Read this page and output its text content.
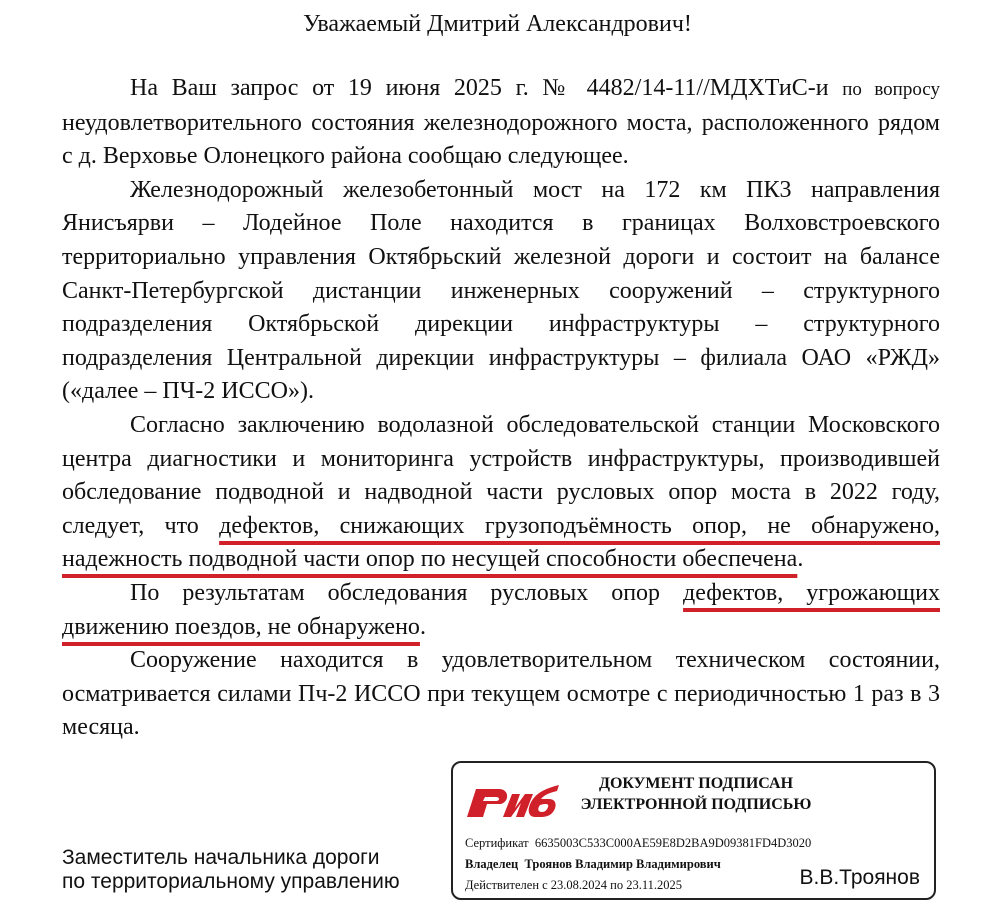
Уважаемый Дмитрий Александрович!

На Ваш запрос от 19 июня 2025 г. № 4482/14-11//МДХТиС-и по вопросу неудовлетворительного состояния железнодорожного моста, расположенного рядом с д. Верховье Олонецкого района сообщаю следующее.

Железнодорожный железобетонный мост на 172 км ПК3 направления Янисъярви – Лодейное Поле находится в границах Волховстроевского территориально управления Октябрьский железной дороги и состоит на балансе Санкт-Петербургской дистанции инженерных сооружений – структурного подразделения Октябрьской дирекции инфраструктуры – структурного подразделения Центральной дирекции инфраструктуры – филиала ОАО «РЖД» («далее – ПЧ-2 ИССО»).

Согласно заключению водолазной обследовательской станции Московского центра диагностики и мониторинга устройств инфраструктуры, производившей обследование подводной и надводной части русловых опор моста в 2022 году, следует, что дефектов, снижающих грузоподъёмность опор, не обнаружено, надежность подводной части опор по несущей способности обеспечена.

По результатам обследования русловых опор дефектов, угрожающих движению поездов, не обнаружено.

Сооружение находится в удовлетворительном техническом состоянии, осматривается силами Пч-2 ИССО при текущем осмотре с периодичностью 1 раз в 3 месяца.

Заместитель начальника дороги
по территориальному управлению
ДОКУМЕНТ ПОДПИСАН
ЭЛЕКТРОННОЙ ПОДПИСЬЮ
Сертификат 6635003C533C000AE59E8D2BA9D09381FD4D3020
Владелец Троянов Владимир Владимирович
Действителен с 23.08.2024 по 23.11.2025	В.В.Троянов
